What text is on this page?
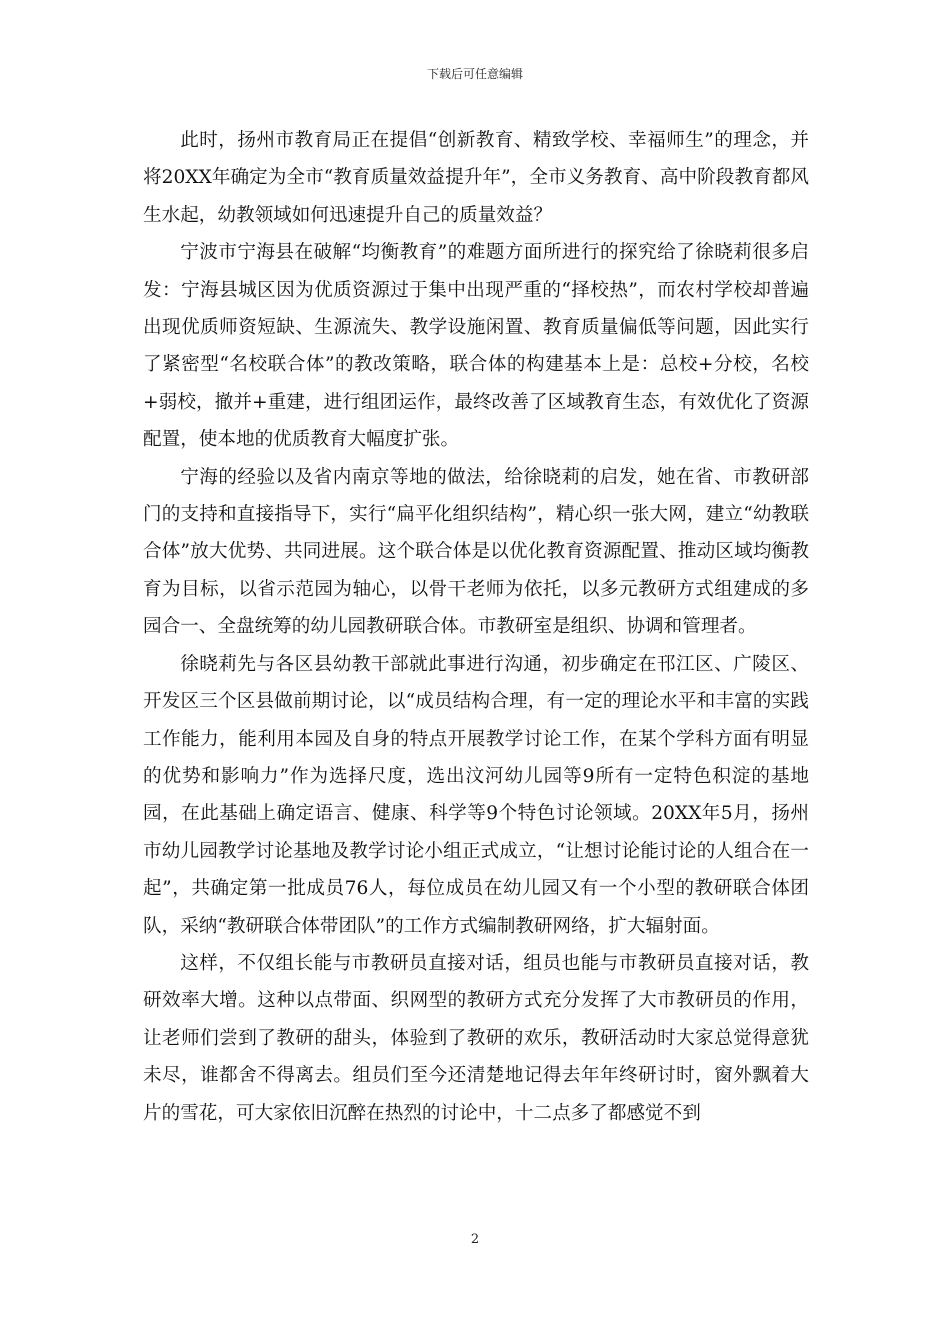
下载后可任意编辑

此时，扬州市教育局正在提倡“创新教育、精致学校、幸福师生”的理念，并将20XX年确定为全市“教育质量效益提升年”，全市义务教育、高中阶段教育都风生水起，幼教领域如何迅速提升自己的质量效益？

宁波市宁海县在破解“均衡教育”的难题方面所进行的探究给了徐晓莉很多启发：宁海县城区因为优质资源过于集中出现严重的“择校热”，而农村学校却普遍出现优质师资短缺、生源流失、教学设施闲置、教育质量偏低等问题，因此实行了紧密型“名校联合体”的教改策略，联合体的构建基本上是：总校+分校，名校+弱校，撤并+重建，进行组团运作，最终改善了区域教育生态，有效优化了资源配置，使本地的优质教育大幅度扩张。

宁海的经验以及省内南京等地的做法，给徐晓莉的启发，她在省、市教研部门的支持和直接指导下，实行“扁平化组织结构”，精心织一张大网，建立“幼教联合体”放大优势、共同进展。这个联合体是以优化教育资源配置、推动区域均衡教育为目标，以省示范园为轴心，以骨干老师为依托，以多元教研方式组建成的多园合一、全盘统筹的幼儿园教研联合体。市教研室是组织、协调和管理者。

徐晓莉先与各区县幼教干部就此事进行沟通，初步确定在邗江区、广陵区、开发区三个区县做前期讨论，以“成员结构合理，有一定的理论水平和丰富的实践工作能力，能利用本园及自身的特点开展教学讨论工作，在某个学科方面有明显的优势和影响力”作为选择尺度，选出汶河幼儿园等9所有一定特色积淀的基地园，在此基础上确定语言、健康、科学等9个特色讨论领域。20XX年5月，扬州市幼儿园教学讨论基地及教学讨论小组正式成立，“让想讨论能讨论的人组合在一起”，共确定第一批成员76人，每位成员在幼儿园又有一个小型的教研联合体团队，采纳“教研联合体带团队”的工作方式编制教研网络，扩大辐射面。

这样，不仅组长能与市教研员直接对话，组员也能与市教研员直接对话，教研效率大增。这种以点带面、织网型的教研方式充分发挥了大市教研员的作用，让老师们尝到了教研的甜头，体验到了教研的欢乐，教研活动时大家总觉得意犹未尽，谁都舍不得离去。组员们至今还清楚地记得去年年终研讨时，窗外飘着大片的雪花，可大家依旧沉醉在热烈的讨论中，十二点多了都感觉不到

2
